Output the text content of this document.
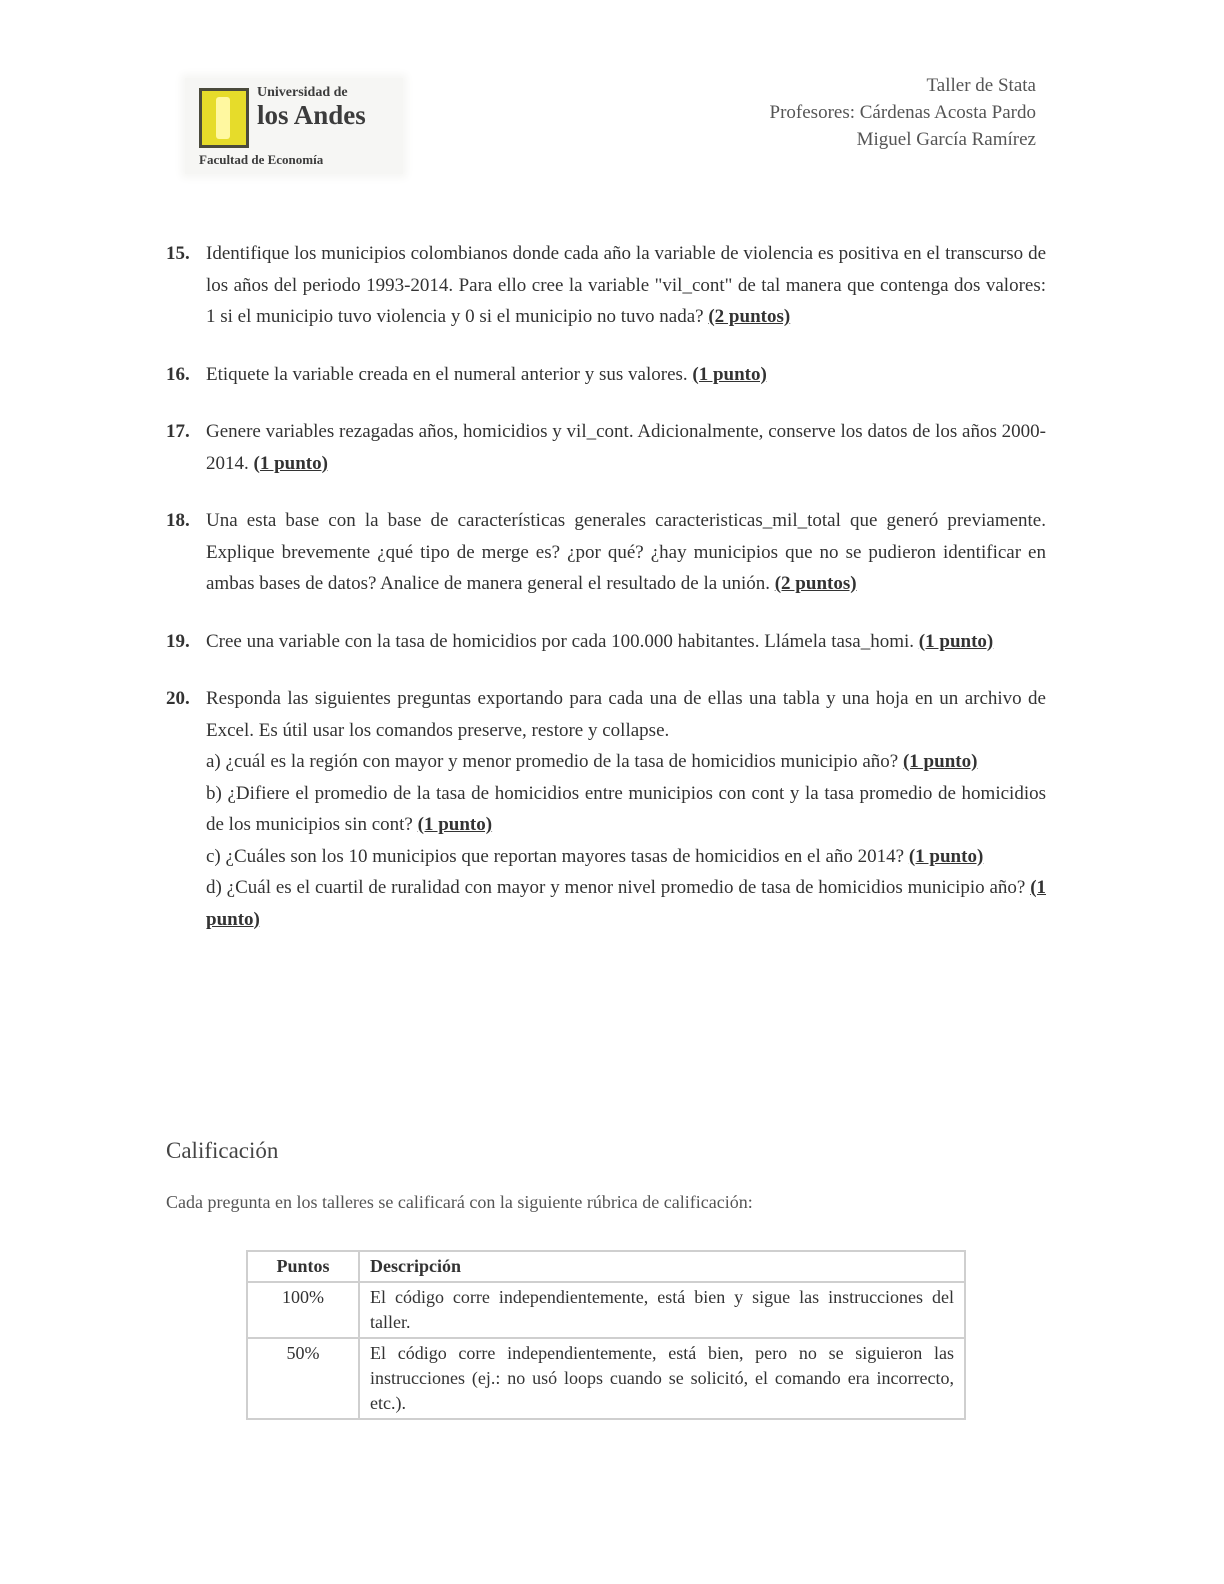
Universidad de
los Andes
Facultad de Economía
Taller de Stata
Profesores: Cárdenas Acosta Pardo
Miguel García Ramírez
15. Identifique los municipios colombianos donde cada año la variable de violencia es positiva en el transcurso de los años del periodo 1993-2014. Para ello cree la variable "vil_cont" de tal manera que contenga dos valores: 1 si el municipio tuvo violencia y 0 si el municipio no tuvo nada? (2 puntos)
16. Etiquete la variable creada en el numeral anterior y sus valores. (1 punto)
17. Genere variables rezagadas años, homicidios y vil_cont. Adicionalmente, conserve los datos de los años 2000-2014. (1 punto)
18. Una esta base con la base de características generales caracteristicas_mil_total que generó previamente. Explique brevemente ¿qué tipo de merge es? ¿por qué? ¿hay municipios que no se pudieron identificar en ambas bases de datos? Analice de manera general el resultado de la unión. (2 puntos)
19. Cree una variable con la tasa de homicidios por cada 100.000 habitantes. Llámela tasa_homi. (1 punto)
20. Responda las siguientes preguntas exportando para cada una de ellas una tabla y una hoja en un archivo de Excel. Es útil usar los comandos preserve, restore y collapse.
a) ¿cuál es la región con mayor y menor promedio de la tasa de homicidios municipio año? (1 punto)
b) ¿Difiere el promedio de la tasa de homicidios entre municipios con cont y la tasa promedio de homicidios de los municipios sin cont? (1 punto)
c) ¿Cuáles son los 10 municipios que reportan mayores tasas de homicidios en el año 2014? (1 punto)
d) ¿Cuál es el cuartil de ruralidad con mayor y menor nivel promedio de tasa de homicidios municipio año? (1 punto)
Calificación
Cada pregunta en los talleres se calificará con la siguiente rúbrica de calificación:
Puntos	Descripción
100%	El código corre independientemente, está bien y sigue las instrucciones del taller.
50%	El código corre independientemente, está bien, pero no se siguieron las instrucciones (ej.: no usó loops cuando se solicitó, el comando era incorrecto, etc.).
